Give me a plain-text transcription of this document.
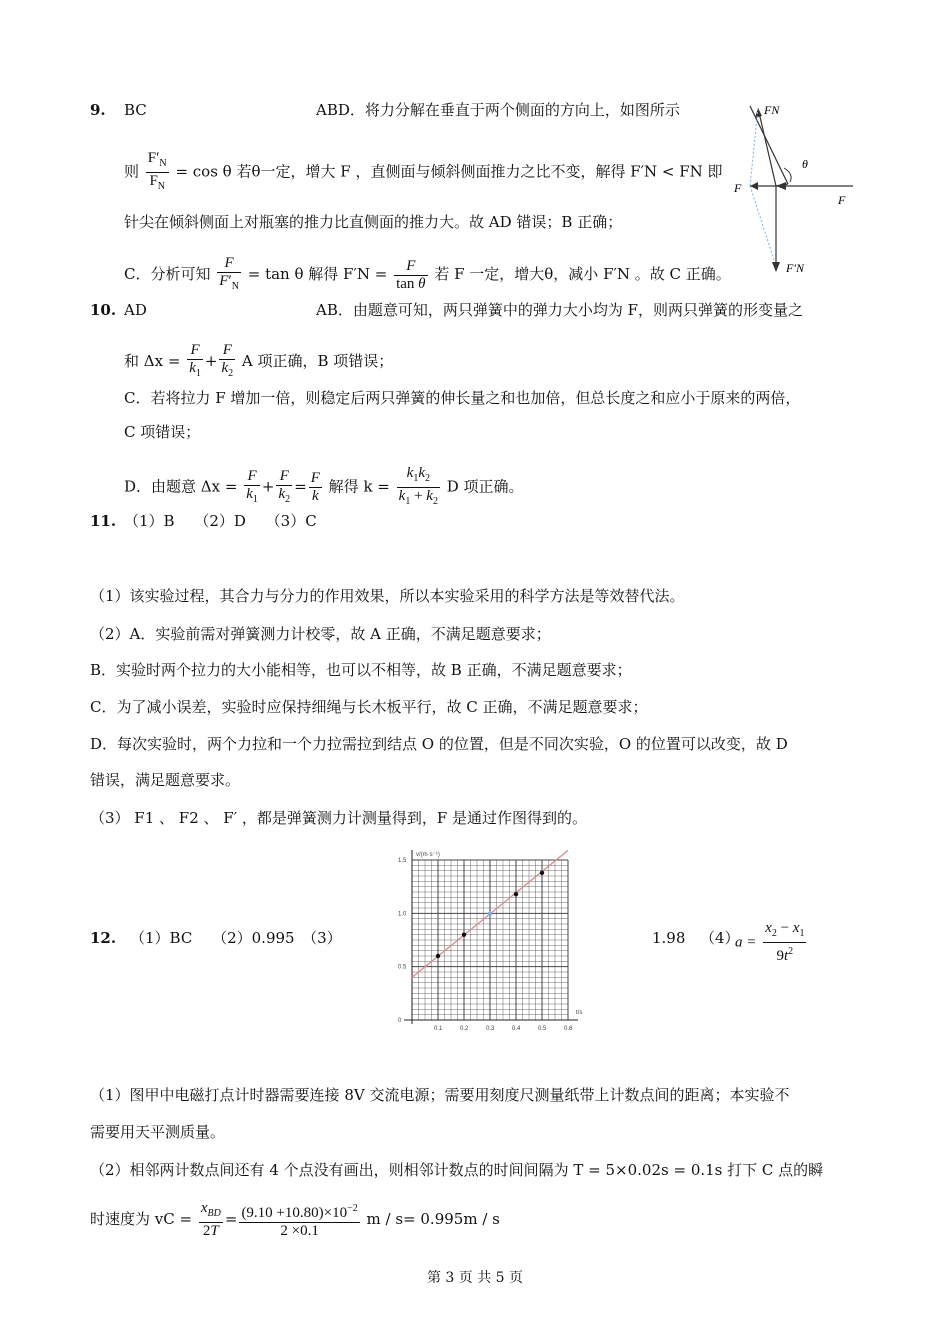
9. BC	ABD．将力分解在垂直于两个侧面的方向上，如图所示
则 $\frac{F'_N}{F_N} = \cos \theta$ 若θ一定，增大 F ，直侧面与倾斜侧面推力之比不变，解得 F′N < FN 即
针尖在倾斜侧面上对瓶塞的推力比直侧面的推力大。故 AD 错误；B 正确；
C．分析可知 $\frac{F}{F'_N} = \tan \theta$ 解得 $F'N = \frac{F}{\text{tan θ}}$ 若 F 一定，增大θ，减小 F′N 。故 C 正确。
FN
θ
F
F
F′N
10. AD	AB．由题意可知，两只弹簧中的弹力大小均为 F，则两只弹簧的形变量之
和 $\Delta x = \frac{F}{k_1} + \frac{F}{k_2}$ A 项正确，B 项错误；
C．若将拉力 F 增加一倍，则稳定后两只弹簧的伸长量之和也加倍，但总长度之和应小于原来的两倍，
C 项错误；
D．由题意 $\Delta x = \frac{F}{k_1} + \frac{F}{k_2} = \frac{F}{k}$ 解得 $k = \frac{k_1k_2}{k_1 + k_2}$ D 项正确。
11. （1）B　 （2）D　 （3）C
（1）该实验过程，其合力与分力的作用效果，所以本实验采用的科学方法是等效替代法。
（2）A．实验前需对弹簧测力计校零，故 A 正确，不满足题意要求；
B．实验时两个拉力的大小能相等，也可以不相等，故 B 正确，不满足题意要求；
C．为了减小误差，实验时应保持细绳与长木板平行，故 C 正确，不满足题意要求；
D．每次实验时，两个力拉和一个力拉需拉到结点 O 的位置，但是不同次实验，O 的位置可以改变，故 D
错误，满足题意要求。
（3） F1 、 F2 、 F′ ，都是弹簧测力计测量得到，F 是通过作图得到的。
12. （1）BC　 （2）0.995　（3）
0.1	0.2	0.3	0.4	0.5	0.6
0
0.5
1.0
1.5
t/s
v/(m·s⁻¹)
1.98 （4）
$a = \frac{x_2 - x_1}{9t^2}$
（1）图甲中电磁打点计时器需要连接 8V 交流电源；需要用刻度尺测量纸带上计数点间的距离；本实验不
需要用天平测质量。
（2）相邻两计数点间还有 4 个点没有画出，则相邻计数点的时间间隔为 T = 5×0.02s = 0.1s 打下 C 点的瞬
时速度为 vC = $\frac{x_{BD}}{2T} = \frac{(9.10 +10.80)\times 10^{-2}}{2 \times 0.1}$ m / s= 0.995m / s
第 3 页 共 5 页
